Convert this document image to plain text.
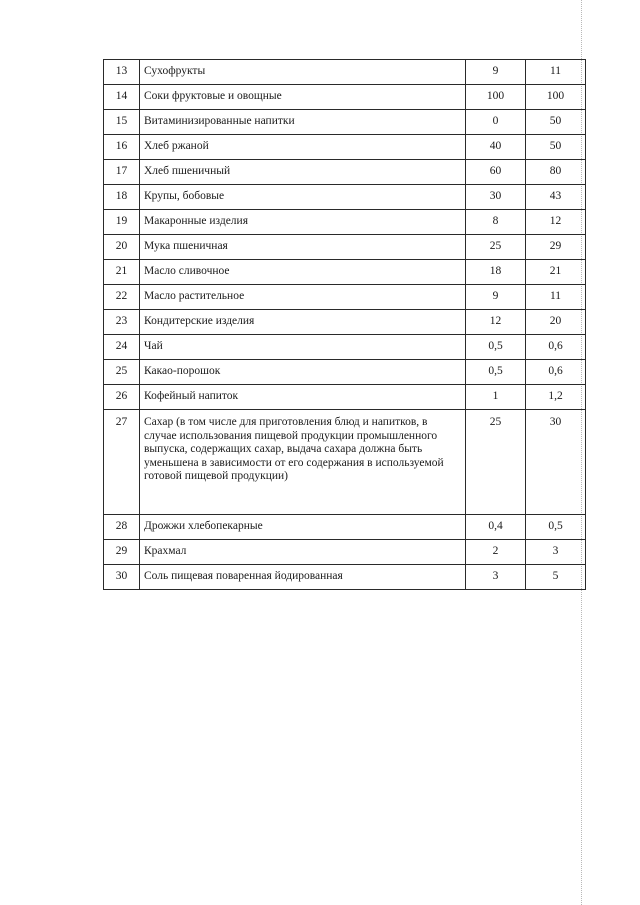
13	Сухофрукты	9	11
14	Соки фруктовые и овощные	100	100
15	Витаминизированные напитки	0	50
16	Хлеб ржаной	40	50
17	Хлеб пшеничный	60	80
18	Крупы, бобовые	30	43
19	Макаронные изделия	8	12
20	Мука пшеничная	25	29
21	Масло сливочное	18	21
22	Масло растительное	9	11
23	Кондитерские изделия	12	20
24	Чай	0,5	0,6
25	Какао-порошок	0,5	0,6
26	Кофейный напиток	1	1,2
27	Сахар (в том числе для приготовления блюд и напитков, в случае использования пищевой продукции промышленного выпуска, содержащих сахар, выдача сахара должна быть уменьшена в зависимости от его содержания в используемой готовой пищевой продукции)	25	30
28	Дрожжи хлебопекарные	0,4	0,5
29	Крахмал	2	3
30	Соль пищевая поваренная йодированная	3	5
